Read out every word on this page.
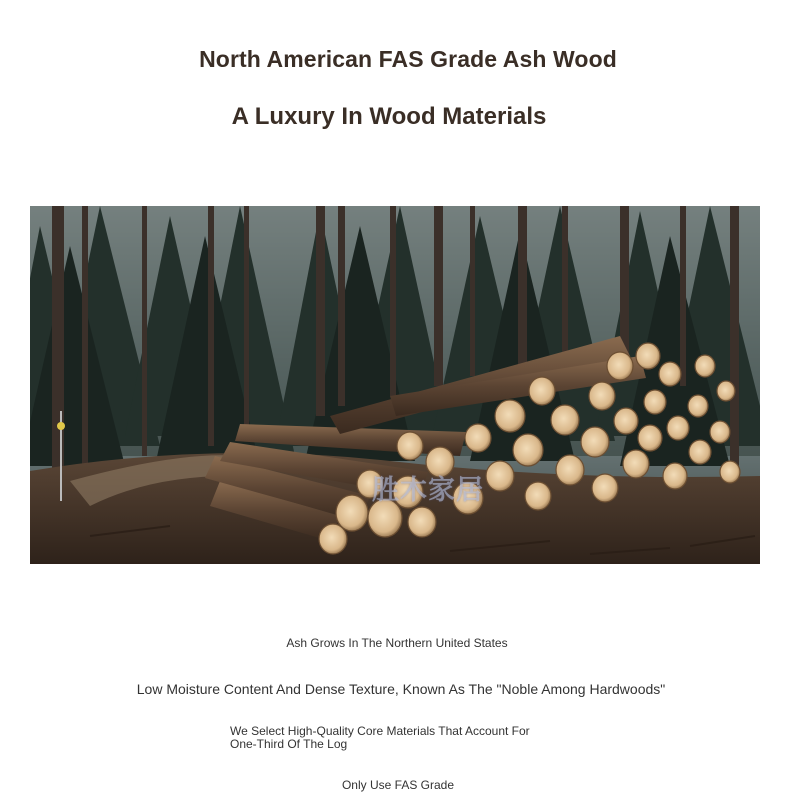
North American FAS Grade Ash Wood
A Luxury In Wood Materials
胜木家居

Ash Grows In The Northern United States

Low Moisture Content And Dense Texture, Known As The "Noble Among Hardwoods"

We Select High-Quality Core Materials That Account For One-Third Of The Log

Only Use FAS Grade
